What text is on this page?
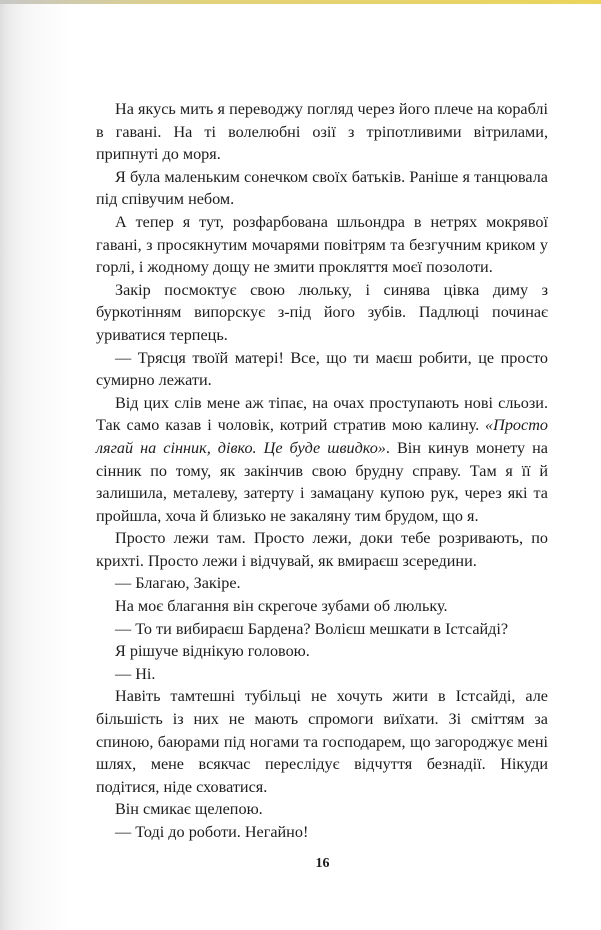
На якусь мить я переводжу погляд через його плече на кораблі в гавані. На ті волелюбні озії з тріпотливими вітрилами, припнуті до моря.

Я була маленьким сонечком своїх батьків. Раніше я танцювала під співучим небом.

А тепер я тут, розфарбована шльондра в нетрях мокрявої гавані, з просякнутим мочарями повітрям та безгучним криком у горлі, і жодному дощу не змити прокляття моєї позолоти.

Закір посмоктує свою люльку, і синява цівка диму з буркотінням випорскує з-під його зубів. Падлюці починає уриватися терпець.

— Трясця твоїй матері! Все, що ти маєш робити, це просто сумирно лежати.

Від цих слів мене аж тіпає, на очах проступають нові сльози. Так само казав і чоловік, котрий стратив мою калину. «Просто лягай на сінник, дівко. Це буде швидко». Він кинув монету на сінник по тому, як закінчив свою брудну справу. Там я її й залишила, металеву, затерту і замацану купою рук, через які та пройшла, хоча й близько не закаляну тим брудом, що я.

Просто лежи там. Просто лежи, доки тебе розривають, по крихті. Просто лежи і відчувай, як вмираєш зсередини.

— Благаю, Закіре.

На моє благання він скрегоче зубами об люльку.

— То ти вибираєш Бардена? Волієш мешкати в Істсайді?

Я рішуче віднікую головою.

— Ні.

Навіть тамтешні тубільці не хочуть жити в Істсайді, але більшість із них не мають спромоги виїхати. Зі сміттям за спиною, баюрами під ногами та господарем, що загороджує мені шлях, мене всякчас переслідує відчуття безнадії. Нікуди подітися, ніде сховатися.

Він смикає щелепою.

— Тоді до роботи. Негайно!

16
